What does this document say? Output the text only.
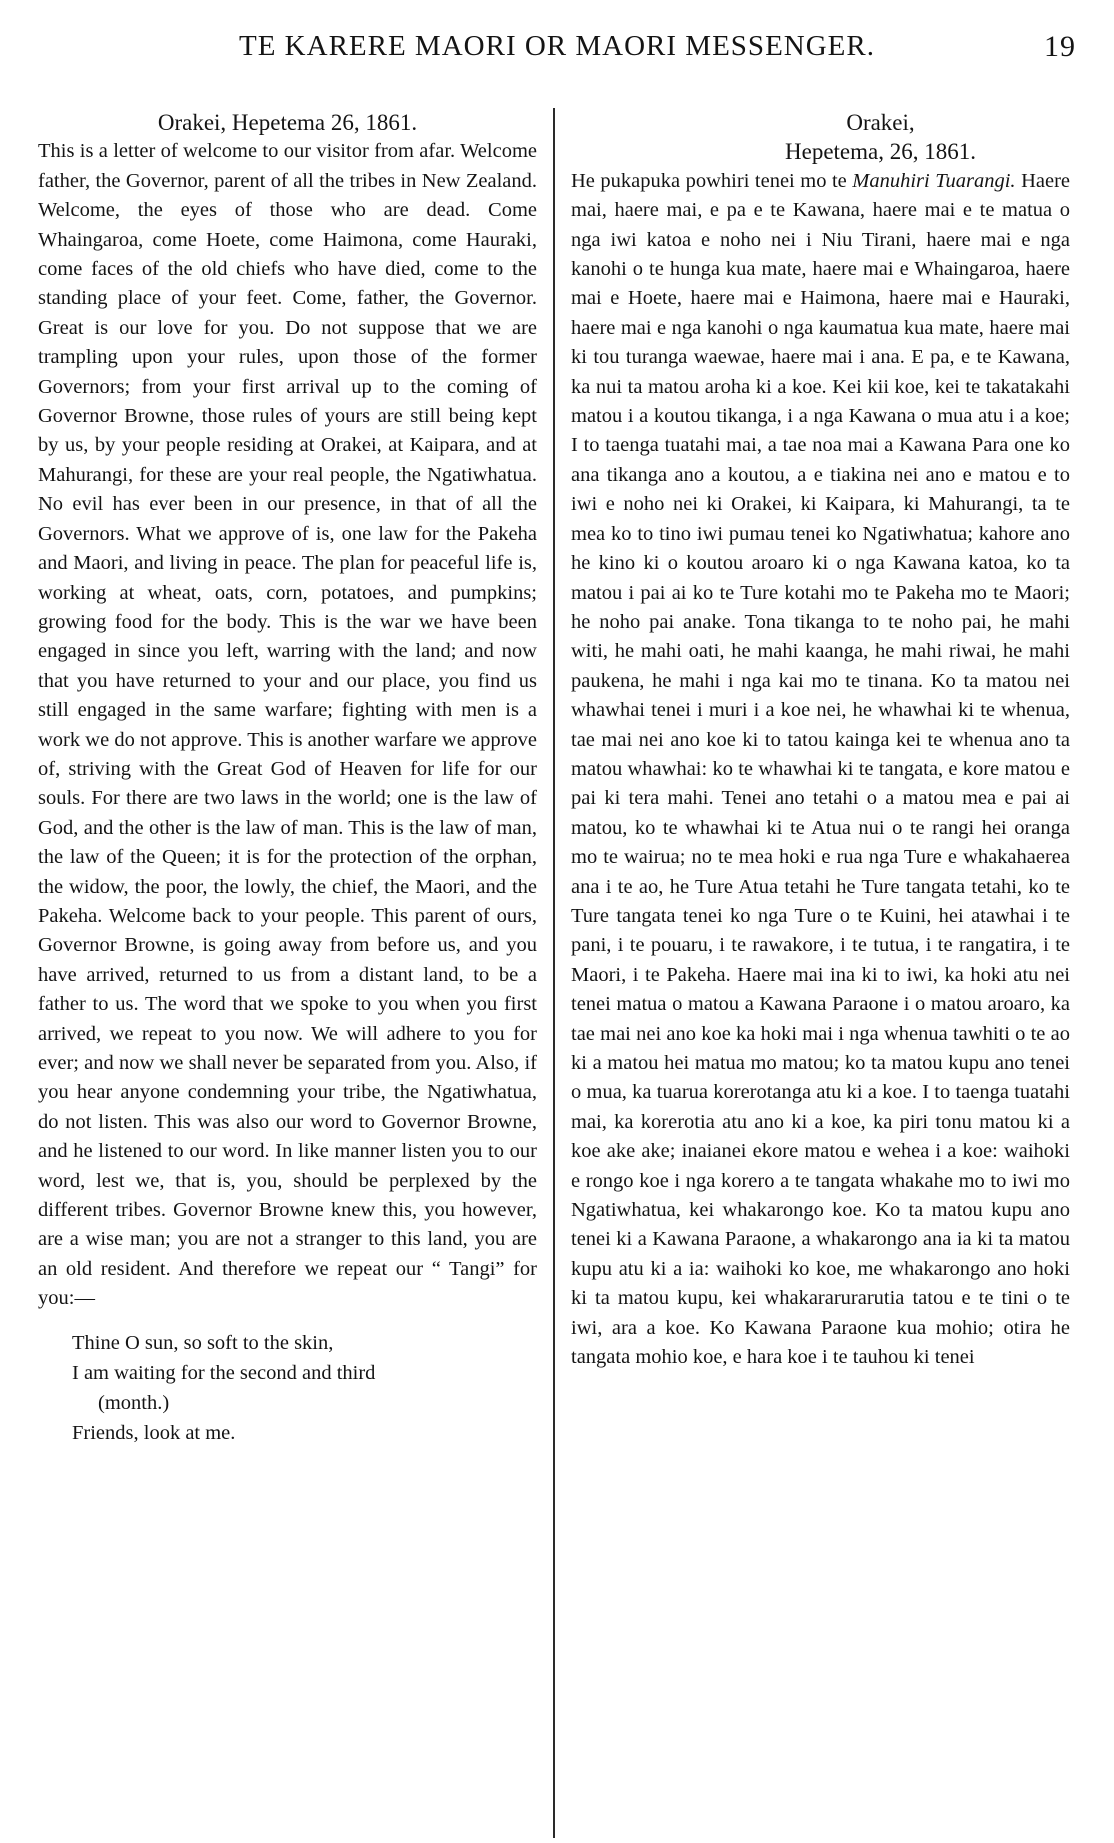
TE KARERE MAORI OR MAORI MESSENGER.	19
Orakei, Hepetema 26, 1861.

This is a letter of welcome to our visitor from afar. Welcome father, the Governor, parent of all the tribes in New Zealand. Welcome, the eyes of those who are dead. Come Whaingaroa, come Hoete, come Haimona, come Hauraki, come faces of the old chiefs who have died, come to the standing place of your feet. Come, father, the Governor. Great is our love for you. Do not suppose that we are trampling upon your rules, upon those of the former Governors; from your first arrival up to the coming of Governor Browne, those rules of yours are still being kept by us, by your people residing at Orakei, at Kaipara, and at Mahurangi, for these are your real people, the Ngatiwhatua. No evil has ever been in our presence, in that of all the Governors. What we approve of is, one law for the Pakeha and Maori, and living in peace. The plan for peaceful life is, working at wheat, oats, corn, potatoes, and pumpkins; growing food for the body. This is the war we have been engaged in since you left, warring with the land; and now that you have returned to your and our place, you find us still engaged in the same warfare; fighting with men is a work we do not approve. This is another warfare we approve of, striving with the Great God of Heaven for life for our souls. For there are two laws in the world; one is the law of God, and the other is the law of man. This is the law of man, the law of the Queen; it is for the protection of the orphan, the widow, the poor, the lowly, the chief, the Maori, and the Pakeha. Welcome back to your people. This parent of ours, Governor Browne, is going away from before us, and you have arrived, returned to us from a distant land, to be a father to us. The word that we spoke to you when you first arrived, we repeat to you now. We will adhere to you for ever; and now we shall never be separated from you. Also, if you hear anyone condemning your tribe, the Ngatiwhatua, do not listen. This was also our word to Governor Browne, and he listened to our word. In like manner listen you to our word, lest we, that is, you, should be perplexed by the different tribes. Governor Browne knew this, you however, are a wise man; you are not a stranger to this land, you are an old resident. And therefore we repeat our “ Tangi” for you:—

Thine O sun, so soft to the skin,
I am waiting for the second and third
(month.)
Friends, look at me.
Orakei,
Hepetema, 26, 1861.

He pukapuka powhiri tenei mo te Manuhiri Tuarangi. Haere mai, haere mai, e pa e te Kawana, haere mai e te matua o nga iwi katoa e noho nei i Niu Tirani, haere mai e nga kanohi o te hunga kua mate, haere mai e Whaingaroa, haere mai e Hoete, haere mai e Haimona, haere mai e Hauraki, haere mai e nga kanohi o nga kaumatua kua mate, haere mai ki tou turanga waewae, haere mai i ana. E pa, e te Kawana, ka nui ta matou aroha ki a koe. Kei kii koe, kei te takatakahi matou i a koutou tikanga, i a nga Kawana o mua atu i a koe; I to taenga tuatahi mai, a tae noa mai a Kawana Para one ko ana tikanga ano a koutou, a e tiakina nei ano e matou e to iwi e noho nei ki Orakei, ki Kaipara, ki Mahurangi, ta te mea ko to tino iwi pumau tenei ko Ngatiwhatua; kahore ano he kino ki o koutou aroaro ki o nga Kawana katoa, ko ta matou i pai ai ko te Ture kotahi mo te Pakeha mo te Maori; he noho pai anake. Tona tikanga to te noho pai, he mahi witi, he mahi oati, he mahi kaanga, he mahi riwai, he mahi paukena, he mahi i nga kai mo te tinana. Ko ta matou nei whawhai tenei i muri i a koe nei, he whawhai ki te whenua, tae mai nei ano koe ki to tatou kainga kei te whenua ano ta matou whawhai: ko te whawhai ki te tangata, e kore matou e pai ki tera mahi. Tenei ano tetahi o a matou mea e pai ai matou, ko te whawhai ki te Atua nui o te rangi hei oranga mo te wairua; no te mea hoki e rua nga Ture e whakahaerea ana i te ao, he Ture Atua tetahi he Ture tangata tetahi, ko te Ture tangata tenei ko nga Ture o te Kuini, hei atawhai i te pani, i te pouaru, i te rawakore, i te tutua, i te rangatira, i te Maori, i te Pakeha. Haere mai ina ki to iwi, ka hoki atu nei tenei matua o matou a Kawana Paraone i o matou aroaro, ka tae mai nei ano koe ka hoki mai i nga whenua tawhiti o te ao ki a matou hei matua mo matou; ko ta matou kupu ano tenei o mua, ka tuarua korerotanga atu ki a koe. I to taenga tuatahi mai, ka korerotia atu ano ki a koe, ka piri tonu matou ki a koe ake ake; inaianei ekore matou e wehea i a koe: waihoki e rongo koe i nga korero a te tangata whakahe mo to iwi mo Ngatiwhatua, kei whakarongo koe. Ko ta matou kupu ano tenei ki a Kawana Paraone, a whakarongo ana ia ki ta matou kupu atu ki a ia: waihoki ko koe, me whakarongo ano hoki ki ta matou kupu, kei whakararurarutia tatou e te tini o te iwi, ara a koe. Ko Kawana Paraone kua mohio; otira he tangata mohio koe, e hara koe i te tauhou ki tenei
